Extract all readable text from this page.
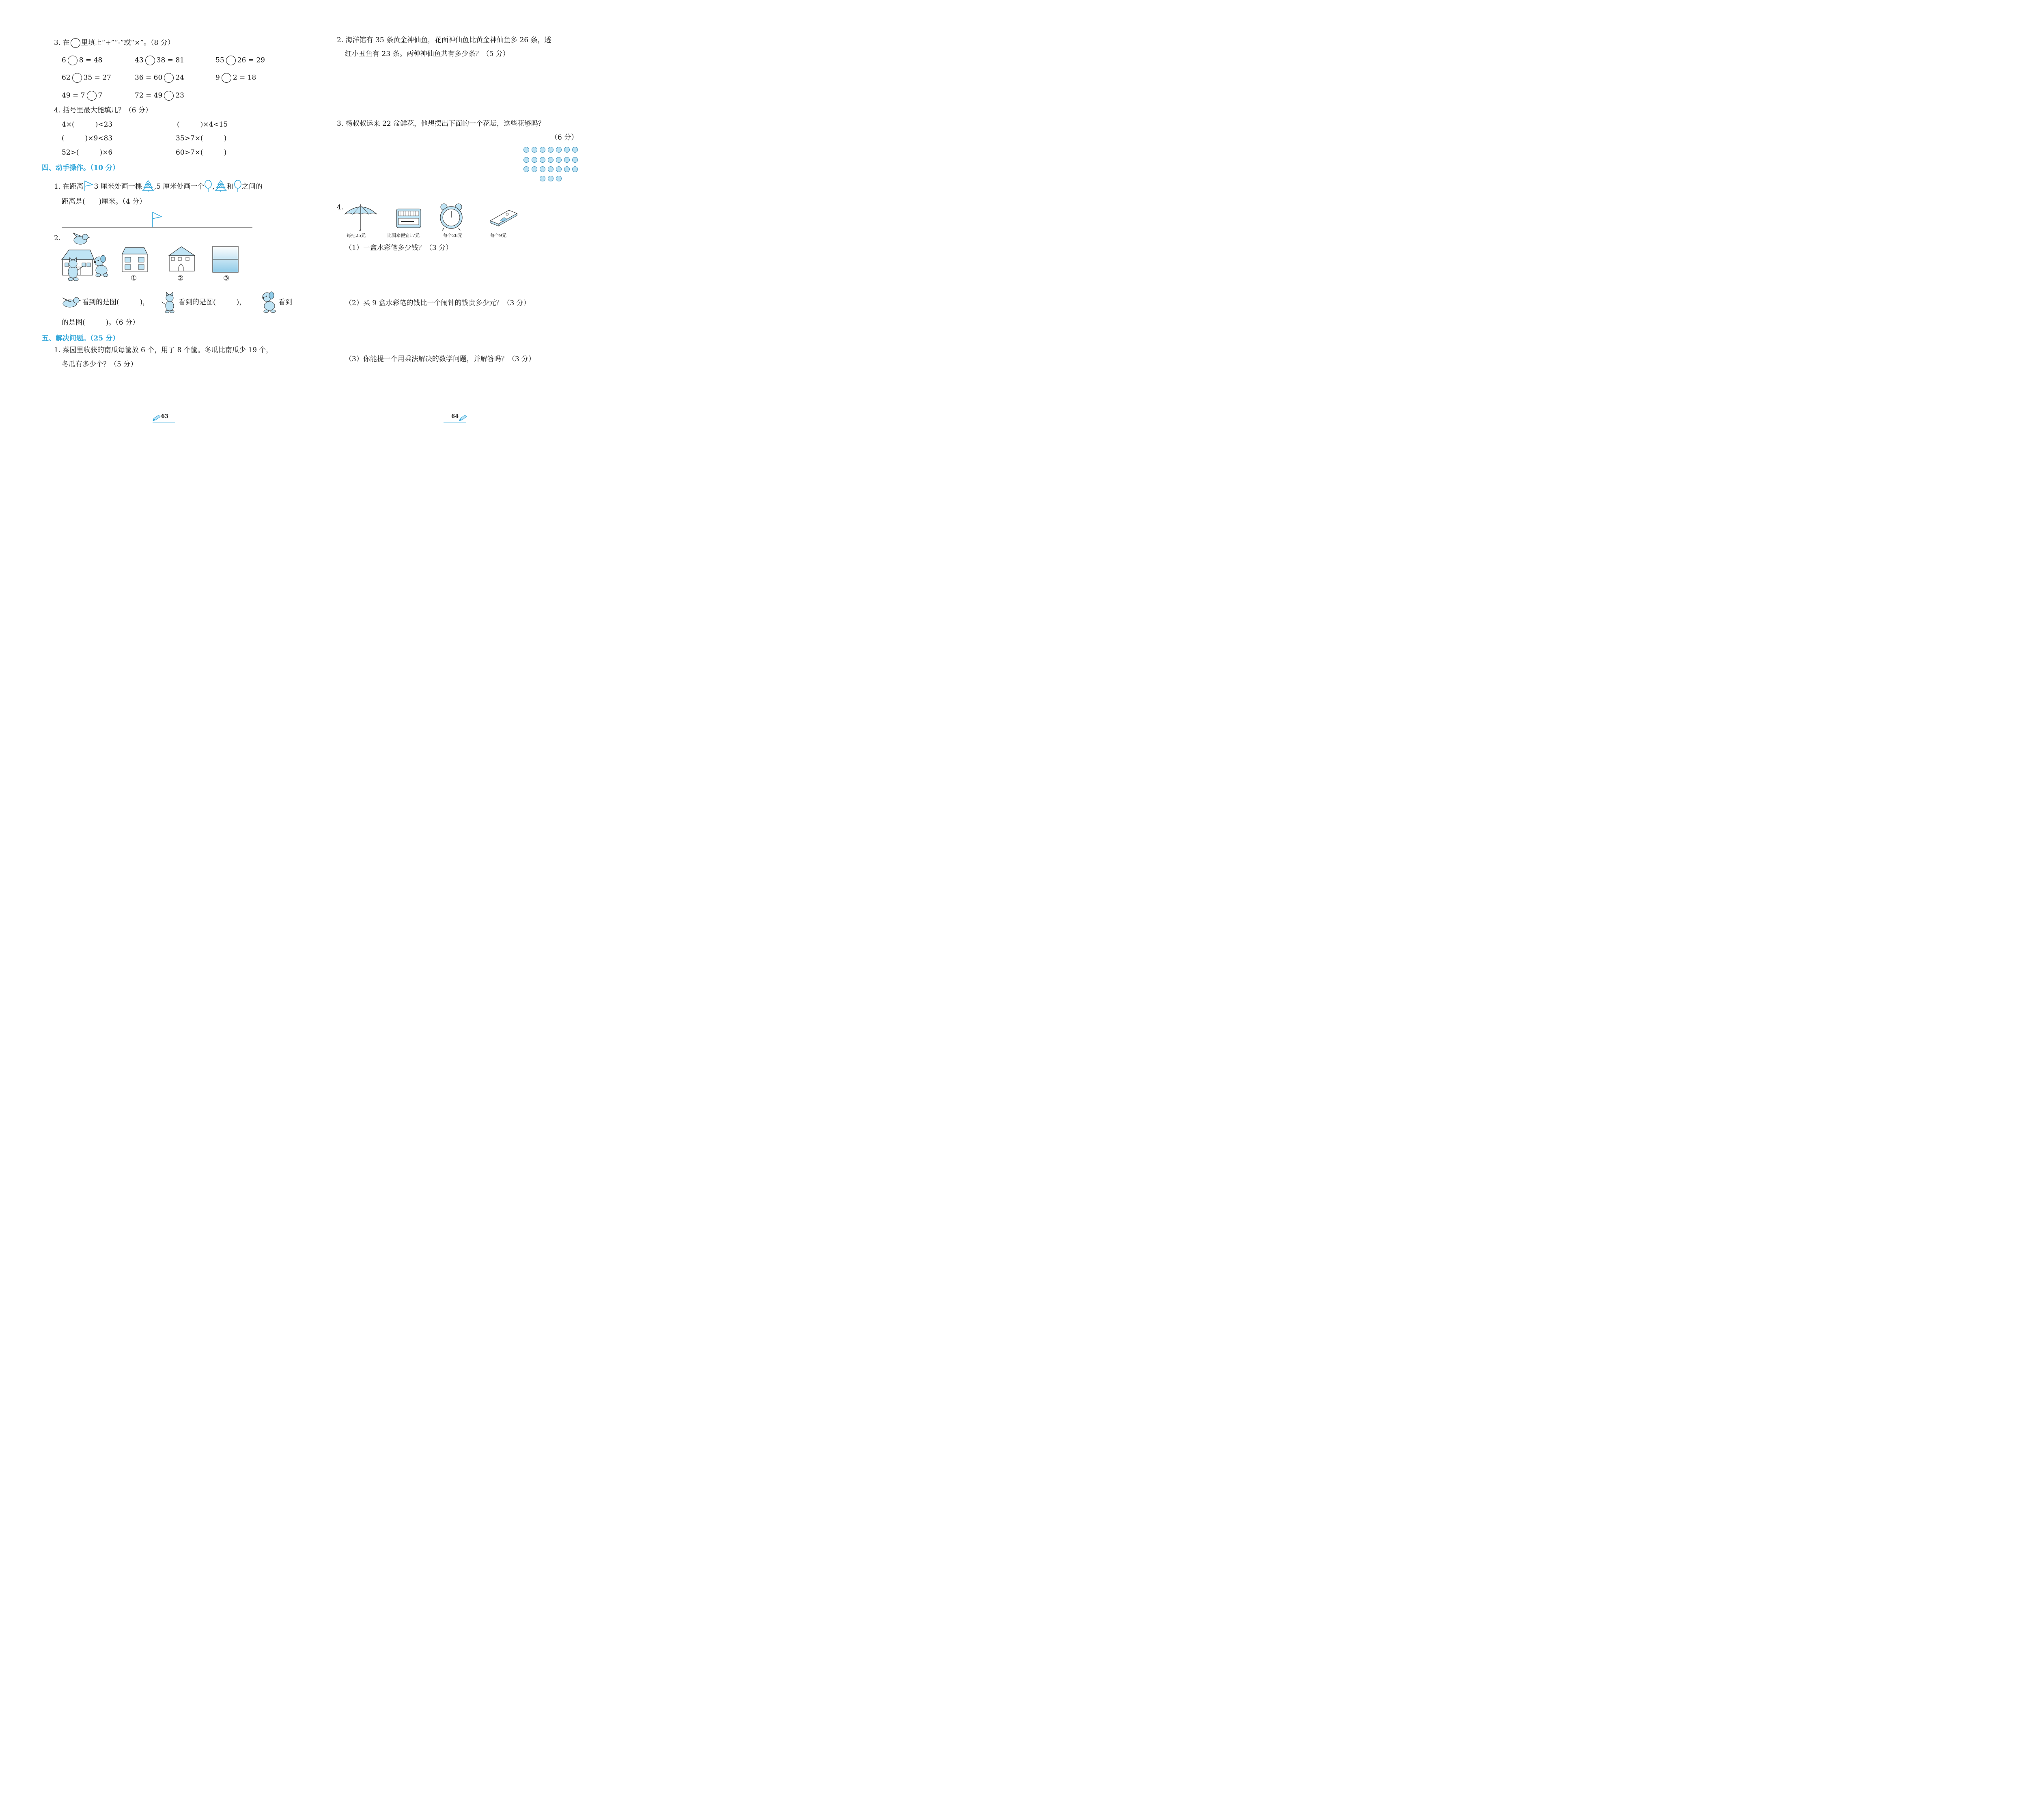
3. 在 里填上“+”“-”或“×”。（8 分）
6 8 = 48	43 38 = 81	55 26 = 29
62 35 = 27	36 = 60 24	9 2 = 18
49 = 7 7	72 = 49 23
4. 括号里最大能填几？（6 分）
4×(　　　)<23	(　　　)×4<15
(　　　)×9<83	35>7×(　　　)
52>(　　　)×6	60>7×(　　　)
四、动手操作。（10 分）
1. 在距离 3 厘米处画一棵 ,5 厘米处画一个 , 和 之间的
距离是(　　)厘米。（4 分）
2.
①	②	③
看到的是图(　　　)，	看到的是图(　　　)，	看到
的是图(　　　)。（6 分）
五、解决问题。（25 分）
1. 菜园里收获的南瓜每筐放 6 个，用了 8 个筐。冬瓜比南瓜少 19 个，
冬瓜有多少个？（5 分）
63
2. 海洋馆有 35 条黄金神仙鱼，花面神仙鱼比黄金神仙鱼多 26 条，透
红小丑鱼有 23 条。两种神仙鱼共有多少条？（5 分）
3. 杨叔叔运来 22 盆鲜花，他想摆出下面的一个花坛，这些花够吗？
（6 分）
4.
每把25元	比雨伞便宜17元	每个28元	每个9元
（1）一盒水彩笔多少钱？（3 分）
（2）买 9 盒水彩笔的钱比一个闹钟的钱贵多少元？（3 分）
（3）你能提一个用乘法解决的数学问题，并解答吗？（3 分）
64
